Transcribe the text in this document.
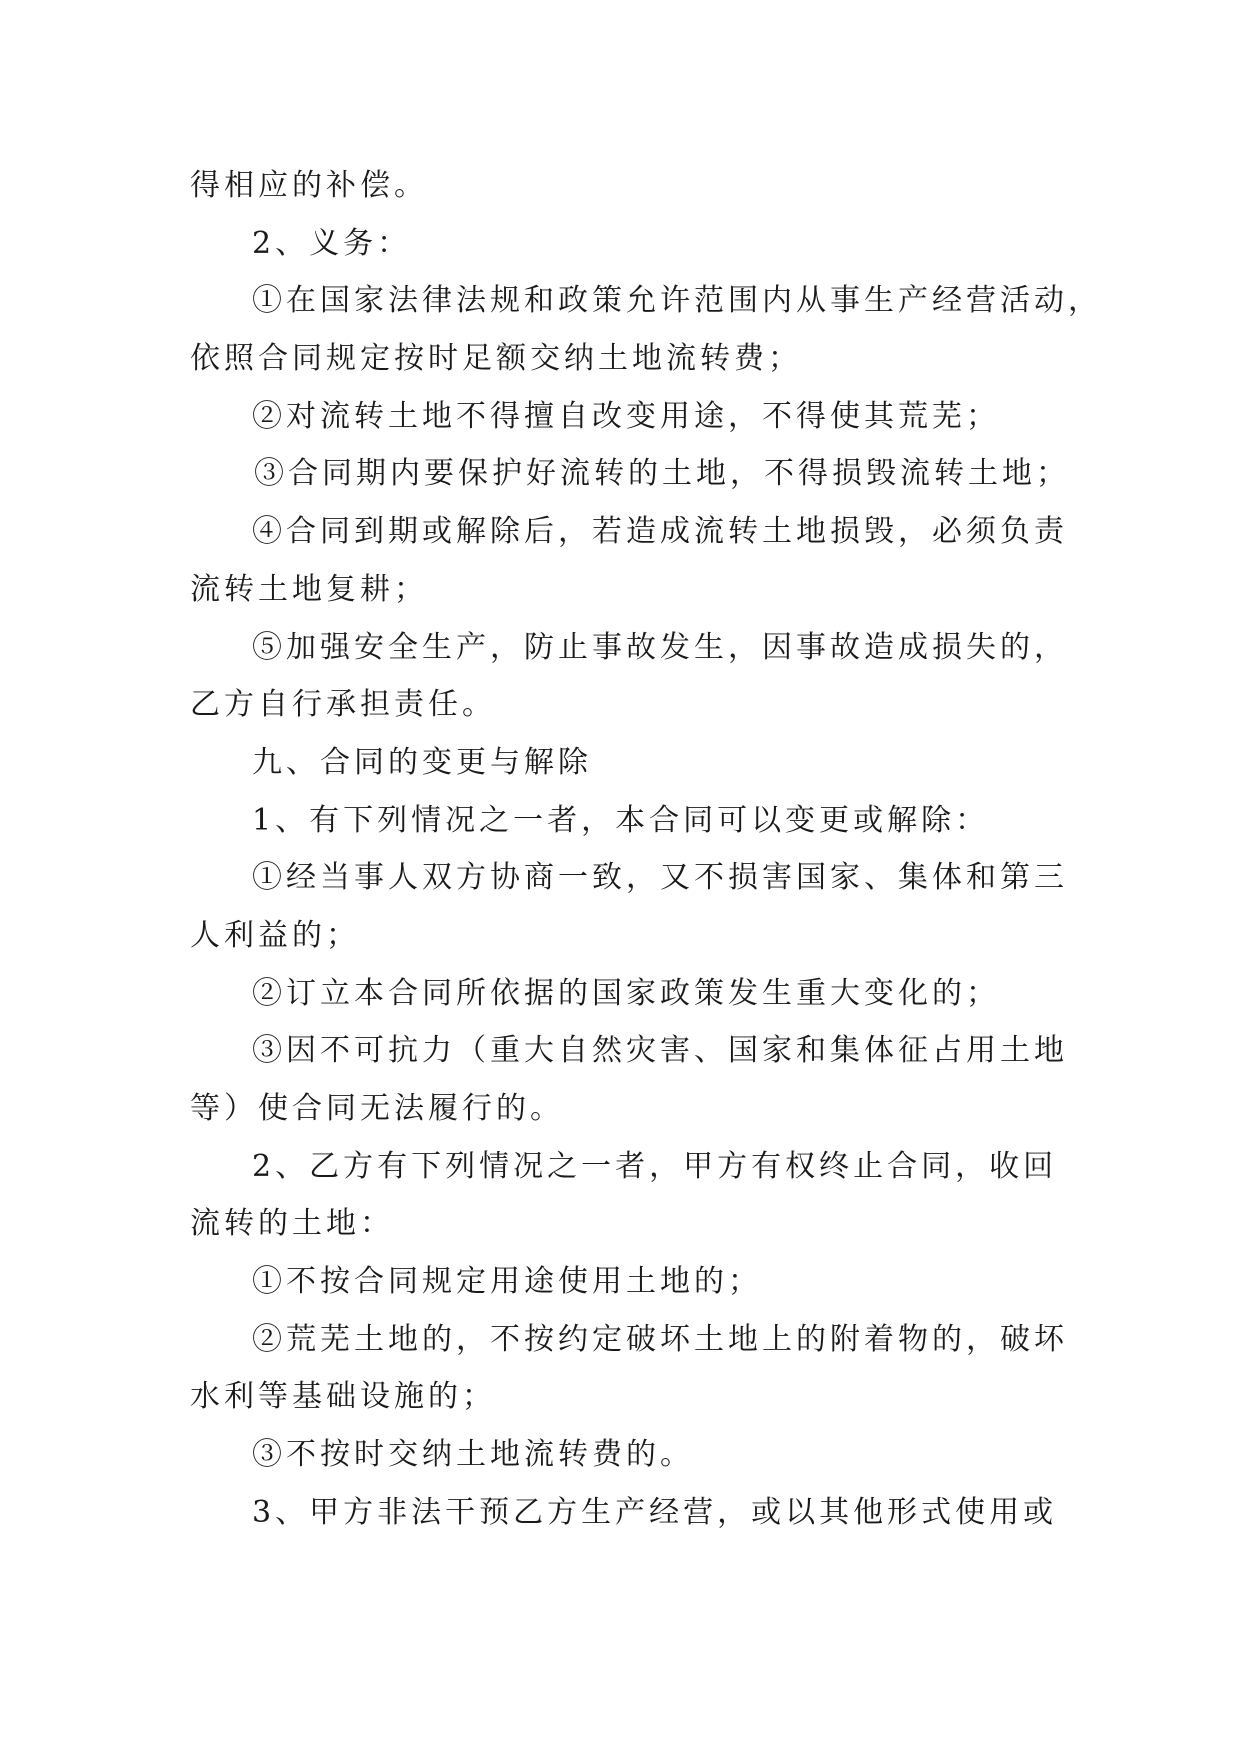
得相应的补偿。

2、义务：

①在国家法律法规和政策允许范围内从事生产经营活动，

依照合同规定按时足额交纳土地流转费；

②对流转土地不得擅自改变用途，不得使其荒芜；

③合同期内要保护好流转的土地，不得损毁流转土地；

④合同到期或解除后，若造成流转土地损毁，必须负责

流转土地复耕；

⑤加强安全生产，防止事故发生，因事故造成损失的，

乙方自行承担责任。

九、合同的变更与解除

1、有下列情况之一者，本合同可以变更或解除：

①经当事人双方协商一致，又不损害国家、集体和第三

人利益的；

②订立本合同所依据的国家政策发生重大变化的；

③因不可抗力（重大自然灾害、国家和集体征占用土地

等）使合同无法履行的。

2、乙方有下列情况之一者，甲方有权终止合同，收回

流转的土地：

①不按合同规定用途使用土地的；

②荒芜土地的，不按约定破坏土地上的附着物的，破坏

水利等基础设施的；

③不按时交纳土地流转费的。

3、甲方非法干预乙方生产经营，或以其他形式使用或
